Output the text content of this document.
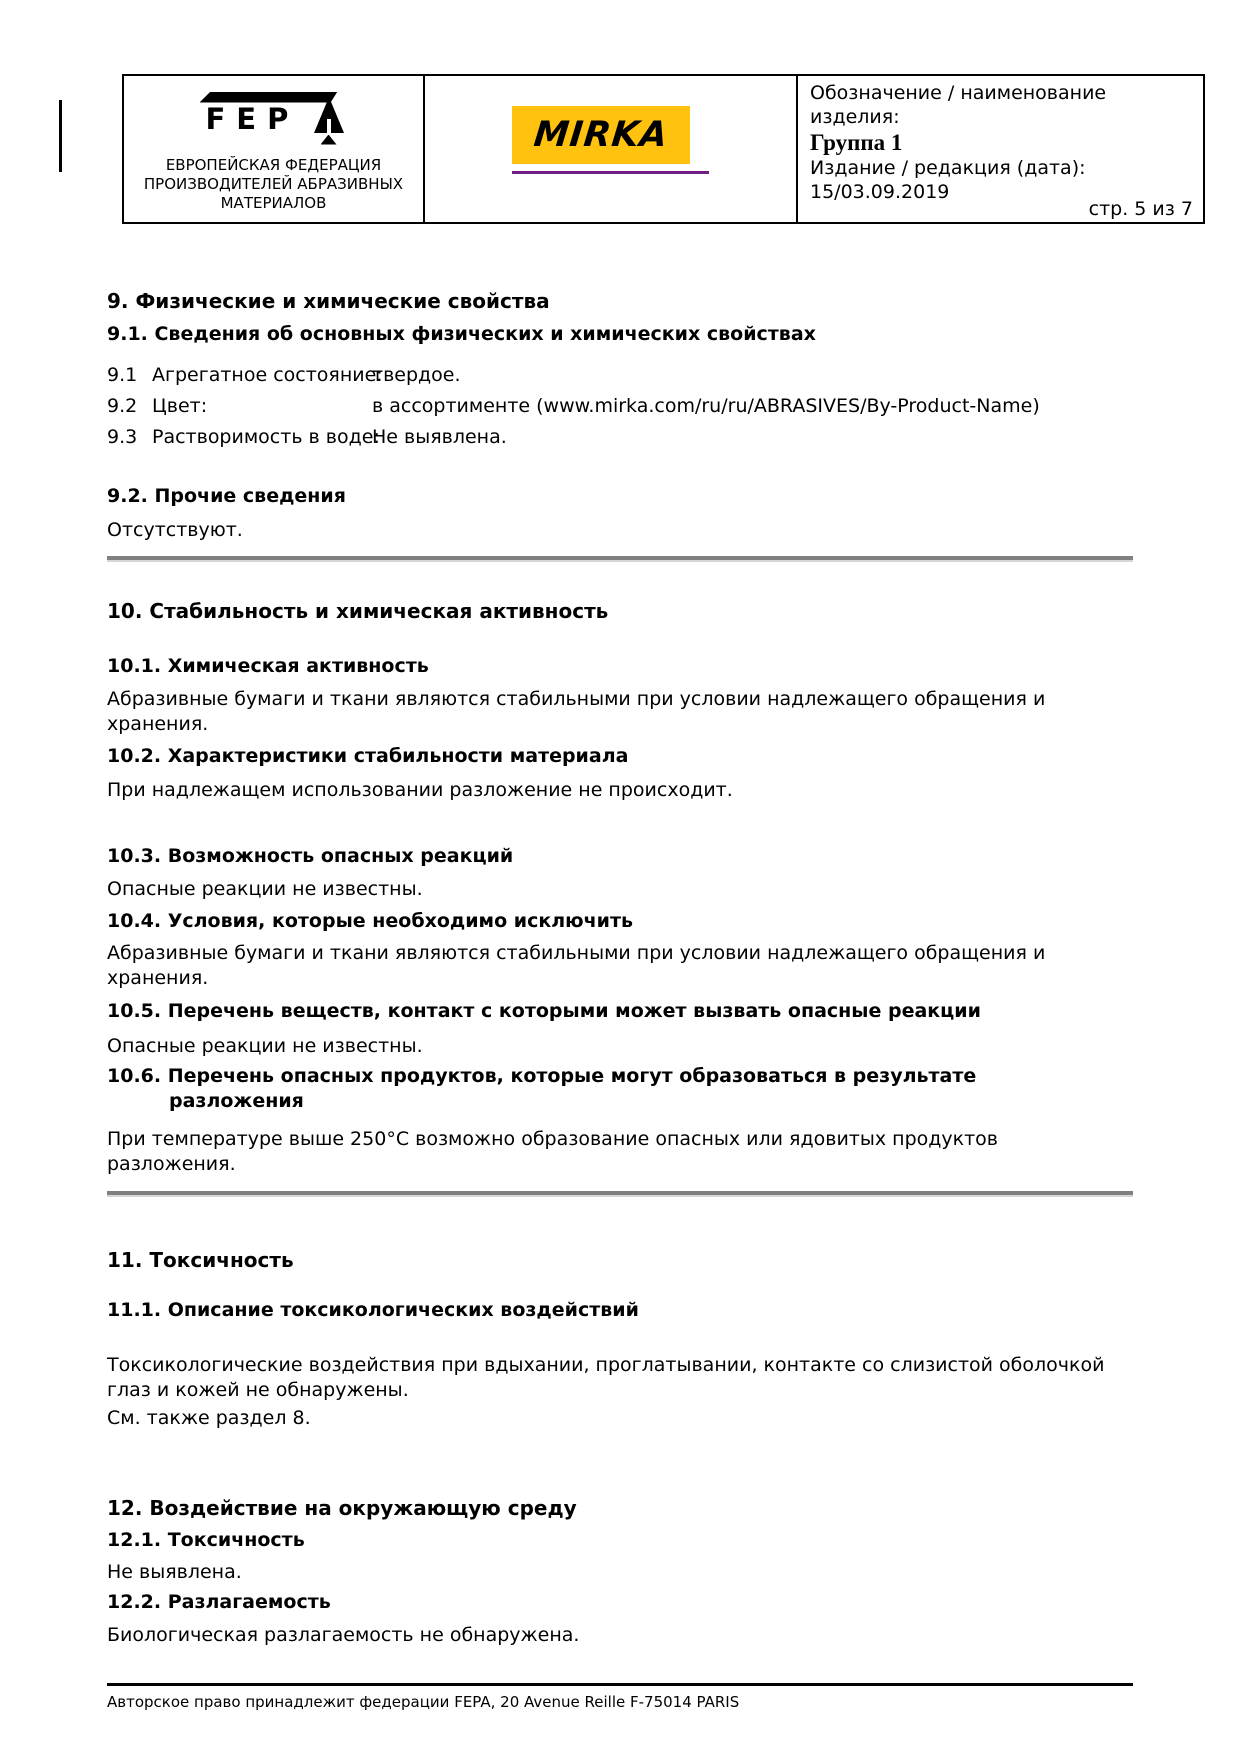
FEP
ЕВРОПЕЙСКАЯ ФЕДЕРАЦИЯ
ПРОИЗВОДИТЕЛЕЙ АБРАЗИВНЫХ
МАТЕРИАЛОВ
MIRKA
Обозначение / наименование изделия:
Группа 1
Издание / редакция (дата):
15/03.09.2019
стр. 5 из 7
9. Физические и химические свойства
9.1. Сведения об основных физических и химических свойствах
9.1 Агрегатное состояние:
твердое.
9.2 Цвет:	в ассортименте (www.mirka.com/ru/ru/ABRASIVES/By-Product-Name)
9.3 Растворимость в воде:
Не выявлена.
9.2. Прочие сведения
Отсутствуют.
10. Стабильность и химическая активность
10.1. Химическая активность
Абразивные бумаги и ткани являются стабильными при условии надлежащего обращения и хранения.
10.2. Характеристики стабильности материала
При надлежащем использовании разложение не происходит.
10.3. Возможность опасных реакций
Опасные реакции не известны.
10.4. Условия, которые необходимо исключить
Абразивные бумаги и ткани являются стабильными при условии надлежащего обращения и хранения.
10.5. Перечень веществ, контакт с которыми может вызвать опасные реакции
Опасные реакции не известны.
10.6. Перечень опасных продуктов, которые могут образоваться в результате разложения
При температуре выше 250°C возможно образование опасных или ядовитых продуктов разложения.
11. Токсичность
11.1. Описание токсикологических воздействий
Токсикологические воздействия при вдыхании, проглатывании, контакте со слизистой оболочкой глаз и кожей не обнаружены.
См. также раздел 8.
12. Воздействие на окружающую среду
12.1. Токсичность
Не выявлена.
12.2. Разлагаемость
Биологическая разлагаемость не обнаружена.
Авторское право принадлежит федерации FEPA, 20 Avenue Reille F-75014 PARIS
